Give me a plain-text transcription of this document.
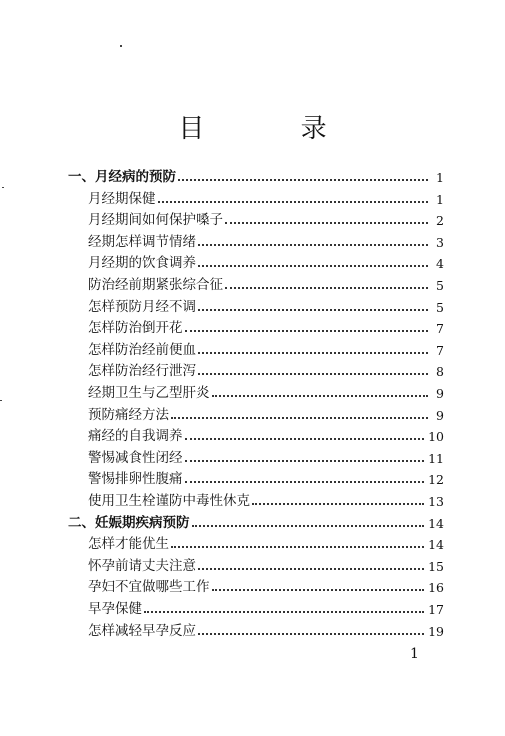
目 录
一、月经病的预防	1
月经期保健	1
月经期间如何保护嗓子	2
经期怎样调节情绪	3
月经期的饮食调养	4
防治经前期紧张综合征	5
怎样预防月经不调	5
怎样防治倒开花	7
怎样防治经前便血	7
怎样防治经行泄泻	8
经期卫生与乙型肝炎	9
预防痛经方法	9
痛经的自我调养	10
警惕减食性闭经	11
警惕排卵性腹痛	12
使用卫生栓谨防中毒性休克	13
二、妊娠期疾病预防	14
怎样才能优生	14
怀孕前请丈夫注意	15
孕妇不宜做哪些工作	16
早孕保健	17
怎样减轻早孕反应	19
1
